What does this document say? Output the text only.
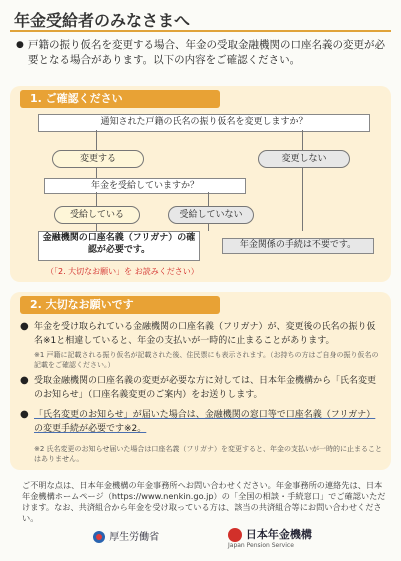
年金受給者のみなさまへ
● 戸籍の振り仮名を変更する場合、年金の受取金融機関の口座名義の変更が必要となる場合があります。以下の内容をご確認ください。
1. ご確認ください
通知された戸籍の氏名の振り仮名を変更しますか？
変更する	変更しない
年金を受給していますか？
受給している	受給していない
金融機関の口座名義（フリガナ）の確認が必要です。	年金関係の手続は不要です。
（「2. 大切なお願い」を お読みください）
2. 大切なお願いです
● 年金を受け取られている金融機関の口座名義（フリガナ）が、変更後の氏名の振り仮名※1と相違していると、年金の支払いが一時的に止まることがあります。
※1 戸籍に記載される振り仮名が記載された後、住民票にも表示されます。（お持ちの方はご自身の振り仮名の記載をご確認ください。）
● 受取金融機関の口座名義の変更が必要な方に対しては、日本年金機構から「氏名変更のお知らせ」（口座名義変更のご案内）をお送りします。
● 「氏名変更のお知らせ」が届いた場合は、金融機関の窓口等で口座名義（フリガナ）の変更手続が必要です※2。
※2 氏名変更のお知らせ届いた場合は口座名義（フリガナ）を変更すると、年金の支払いが一時的に止まることはありません。
ご不明な点は、日本年金機構の年金事務所へお問い合わせください。年金事務所の連絡先は、日本年金機構ホームページ（https://www.nenkin.go.jp）の「全国の相談・手続窓口」でご確認いただけます。なお、共済組合から年金を受け取っている方は、該当の共済組合等にお問い合わせください。
厚生労働省	日本年金機構
Japan Pension Service
